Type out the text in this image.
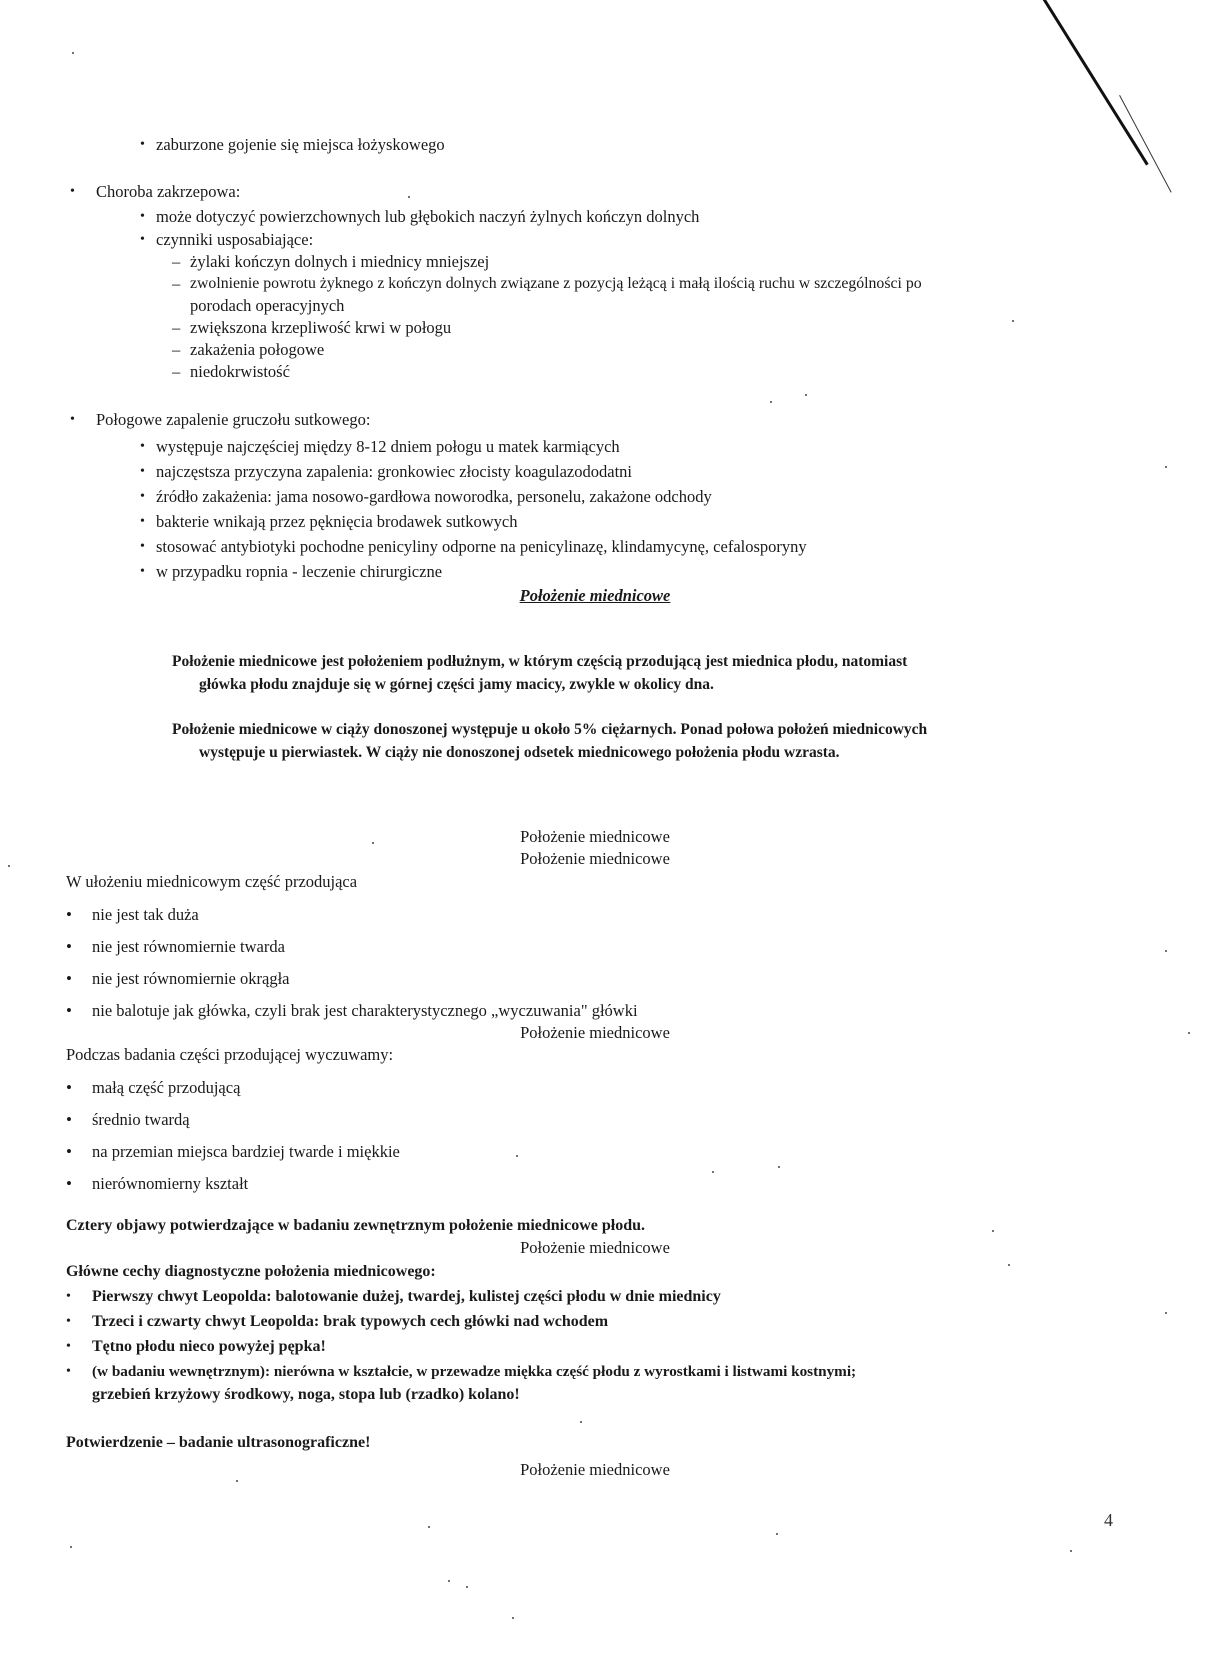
• zaburzone gojenie się miejsca łożyskowego
• Choroba zakrzepowa:
• może dotyczyć powierzchownych lub głębokich naczyń żylnych kończyn dolnych
• czynniki usposabiające:
– żylaki kończyn dolnych i miednicy mniejszej
– zwolnienie powrotu żyknego z kończyn dolnych związane z pozycją leżącą i małą ilością ruchu w szczególności po
porodach operacyjnych
– zwiększona krzepliwość krwi w połogu
– zakażenia połogowe
– niedokrwistość
• Połogowe zapalenie gruczołu sutkowego:
• występuje najczęściej między 8-12 dniem połogu u matek karmiących
• najczęstsza przyczyna zapalenia: gronkowiec złocisty koagulazododatni
• źródło zakażenia: jama nosowo-gardłowa noworodka, personelu, zakażone odchody
• bakterie wnikają przez pęknięcia brodawek sutkowych
• stosować antybiotyki pochodne penicyliny odporne na penicylinazę, klindamycynę, cefalosporyny
• w przypadku ropnia - leczenie chirurgiczne
Położenie miednicowe
Położenie miednicowe jest położeniem podłużnym, w którym częścią przodującą jest miednica płodu, natomiast
główka płodu znajduje się w górnej części jamy macicy, zwykle w okolicy dna.
Położenie miednicowe w ciąży donoszonej występuje u około 5% ciężarnych. Ponad połowa położeń miednicowych
występuje u pierwiastek. W ciąży nie donoszonej odsetek miednicowego położenia płodu wzrasta.
Położenie miednicowe
Położenie miednicowe
W ułożeniu miednicowym część przodująca
• nie jest tak duża
• nie jest równomiernie twarda
• nie jest równomiernie okrągła
• nie balotuje jak główka, czyli brak jest charakterystycznego „wyczuwania" główki
Położenie miednicowe
Podczas badania części przodującej wyczuwamy:
• małą część przodującą
• średnio twardą
• na przemian miejsca bardziej twarde i miękkie
• nierównomierny kształt
Cztery objawy potwierdzające w badaniu zewnętrznym położenie miednicowe płodu.
Położenie miednicowe
Główne cechy diagnostyczne położenia miednicowego:
• Pierwszy chwyt Leopolda: balotowanie dużej, twardej, kulistej części płodu w dnie miednicy
• Trzeci i czwarty chwyt Leopolda: brak typowych cech główki nad wchodem
• Tętno płodu nieco powyżej pępka!
• (w badaniu wewnętrznym): nierówna w kształcie, w przewadze miękka część płodu z wyrostkami i listwami kostnymi;
grzebień krzyżowy środkowy, noga, stopa lub (rzadko) kolano!
Potwierdzenie – badanie ultrasonograficzne!
Położenie miednicowe
4
